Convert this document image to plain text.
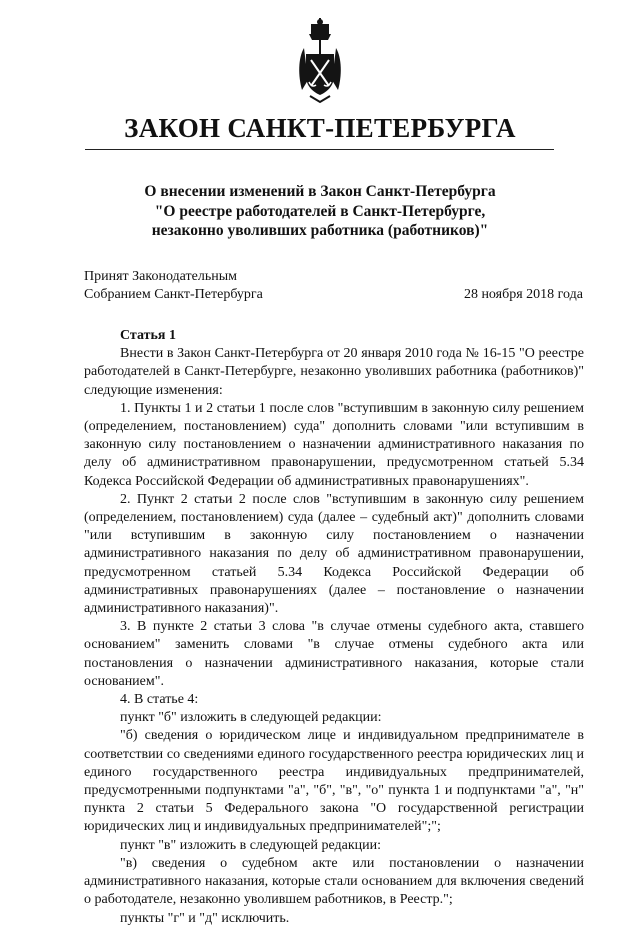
ЗАКОН САНКТ-ПЕТЕРБУРГА
О внесении изменений в Закон Санкт-Петербурга
"О реестре работодателей в Санкт-Петербурге,
незаконно уволивших работника (работников)"
Принят Законодательным
Собранием Санкт-Петербурга	28 ноября 2018 года

Статья 1

Внести в Закон Санкт-Петербурга от 20 января 2010 года № 16-15 "О реестре работодателей в Санкт-Петербурге, незаконно уволивших работника (работников)" следующие изменения:

1. Пункты 1 и 2 статьи 1 после слов "вступившим в законную силу решением (определением, постановлением) суда" дополнить словами "или вступившим в законную силу постановлением о назначении административного наказания по делу об административном правонарушении, предусмотренном статьей 5.34 Кодекса Российской Федерации об административных правонарушениях".

2. Пункт 2 статьи 2 после слов "вступившим в законную силу решением (определением, постановлением) суда (далее – судебный акт)" дополнить словами "или вступившим в законную силу постановлением о назначении административного наказания по делу об административном правонарушении, предусмотренном статьей 5.34 Кодекса Российской Федерации об административных правонарушениях (далее – постановление о назначении административного наказания)".

3. В пункте 2 статьи 3 слова "в случае отмены судебного акта, ставшего основанием" заменить словами "в случае отмены судебного акта или постановления о назначении административного наказания, которые стали основанием".

4. В статье 4:

пункт "б" изложить в следующей редакции:

"б) сведения о юридическом лице и индивидуальном предпринимателе в соответствии со сведениями единого государственного реестра юридических лиц и единого государственного реестра индивидуальных предпринимателей, предусмотренными подпунктами "а", "б", "в", "о" пункта 1 и подпунктами "а", "н" пункта 2 статьи 5 Федерального закона "О государственной регистрации юридических лиц и индивидуальных предпринимателей";";

пункт "в" изложить в следующей редакции:

"в) сведения о судебном акте или постановлении о назначении административного наказания, которые стали основанием для включения сведений о работодателе, незаконно уволившем работников, в Реестр.";

пункты "г" и "д" исключить.
